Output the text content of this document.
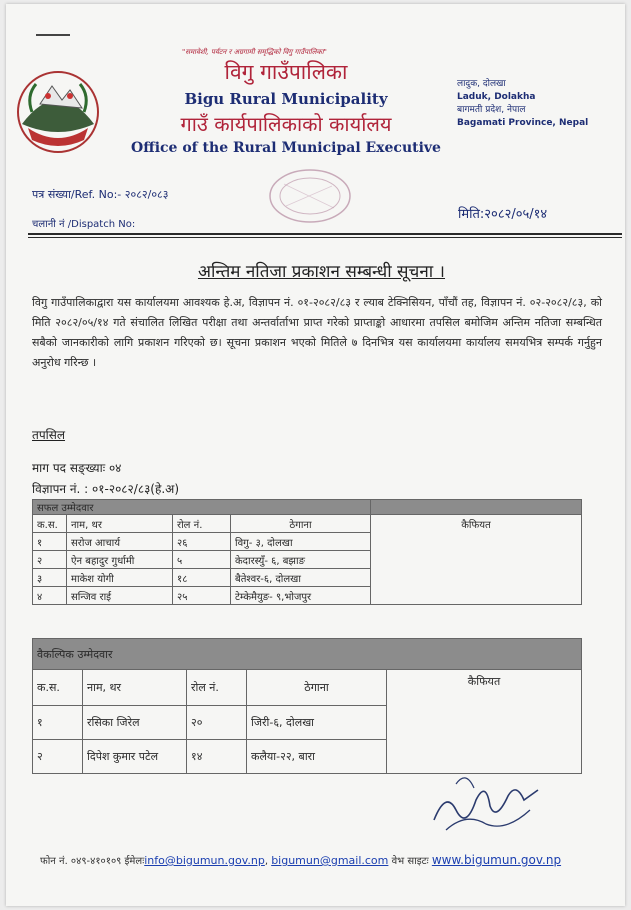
"समावेशी, पर्यटन र अग्रगामी समृद्धिको विगु गाउँपालिका"
विगु गाउँपालिका
Bigu Rural Municipality
गाउँ कार्यपालिकाको कार्यालय
Office of the Rural Municipal Executive
लादुक, दोलखा
Laduk, Dolakha
बागमती प्रदेश, नेपाल
Bagamati Province, Nepal
पत्र संख्या/Ref. No:- २०८२/०८३
चलानी नं /Dispatch No:
मिति:२०८२/०५/१४
अन्तिम नतिजा प्रकाशन सम्बन्धी सूचना ।
विगु गाउँपालिकाद्वारा यस कार्यालयमा आवश्यक हे.अ, विज्ञापन नं. ०१-२०८२/८३ र ल्याब टेक्निसियन, पाँचौं तह, विज्ञापन नं. ०२-२०८२/८३, को मिति २०८२/०५/१४ गते संचालित लिखित परीक्षा तथा अन्तर्वार्ताभा प्राप्त गरेको प्राप्ताङ्को आधारमा तपसिल बमोजिम अन्तिम नतिजा सम्बन्धित सबैको जानकारीको लागि प्रकाशन गरिएको छ। सूचना प्रकाशन भएको मितिले ७ दिनभित्र यस कार्यालयमा कार्यालय समयभित्र सम्पर्क गर्नुहुन अनुरोध गरिन्छ ।
तपसिल
माग पद सङ्ख्याः ०४
विज्ञापन नं. : ०१-२०८२/८३(हे.अ)
सफल उम्मेदवार				
क.स.	नाम, थर	रोल नं.	ठेगाना	कैफियत
१	सरोज आचार्य	२६	विगु- ३, दोलखा	
२	ऐन बहादुर गुर्धामी	५	केदारस्युँ- ६, बझाङ	
३	माकेश योगी	१८	बैतेश्वर-६, दोलखा	
४	सन्जिव राई	२५	टेम्केमैयुङ- ९,भोजपुर	
वैकल्पिक उम्मेदवार				
क.स.	नाम, थर	रोल नं.	ठेगाना	कैफियत
१	रसिका जिरेल	२०	जिरी-६, दोलखा	
२	दिपेश कुमार पटेल	१४	कलैया-२२, बारा	
फोन नं. ०४९-४१०१०९ ईमेलःinfo@bigumun.gov.np, bigumun@gmail.com वेभ साइटः www.bigumun.gov.np
